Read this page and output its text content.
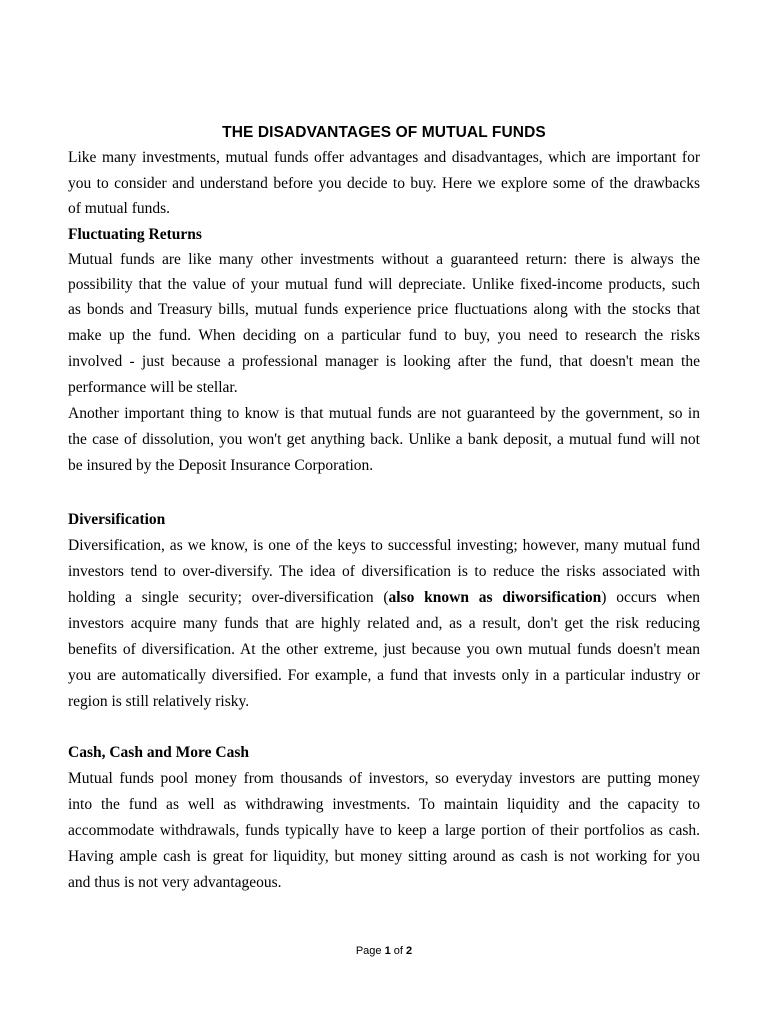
THE DISADVANTAGES OF MUTUAL FUNDS
Like many investments, mutual funds offer advantages and disadvantages, which are important for
you to consider and understand before you decide to buy. Here we explore some of the drawbacks
of mutual funds.
Fluctuating Returns
Mutual funds are like many other investments without a guaranteed return: there is always the
possibility that the value of your mutual fund will depreciate. Unlike fixed-income products, such
as bonds and Treasury bills, mutual funds experience price fluctuations along with the stocks that
make up the fund. When deciding on a particular fund to buy, you need to research the risks
involved - just because a professional manager is looking after the fund, that doesn't mean the
performance will be stellar.
Another important thing to know is that mutual funds are not guaranteed by the government, so in
the case of dissolution, you won't get anything back. Unlike a bank deposit, a mutual fund will not
be insured by the Deposit Insurance Corporation.
Diversification
Diversification, as we know, is one of the keys to successful investing; however, many mutual fund
investors tend to over-diversify. The idea of diversification is to reduce the risks associated with
holding a single security; over-diversification (also known as diworsification) occurs when
investors acquire many funds that are highly related and, as a result, don't get the risk reducing
benefits of diversification. At the other extreme, just because you own mutual funds doesn't mean
you are automatically diversified. For example, a fund that invests only in a particular industry or
region is still relatively risky.
Cash, Cash and More Cash
Mutual funds pool money from thousands of investors, so everyday investors are putting money
into the fund as well as withdrawing investments. To maintain liquidity and the capacity to
accommodate withdrawals, funds typically have to keep a large portion of their portfolios as cash.
Having ample cash is great for liquidity, but money sitting around as cash is not working for you
and thus is not very advantageous.
Page 1 of 2
